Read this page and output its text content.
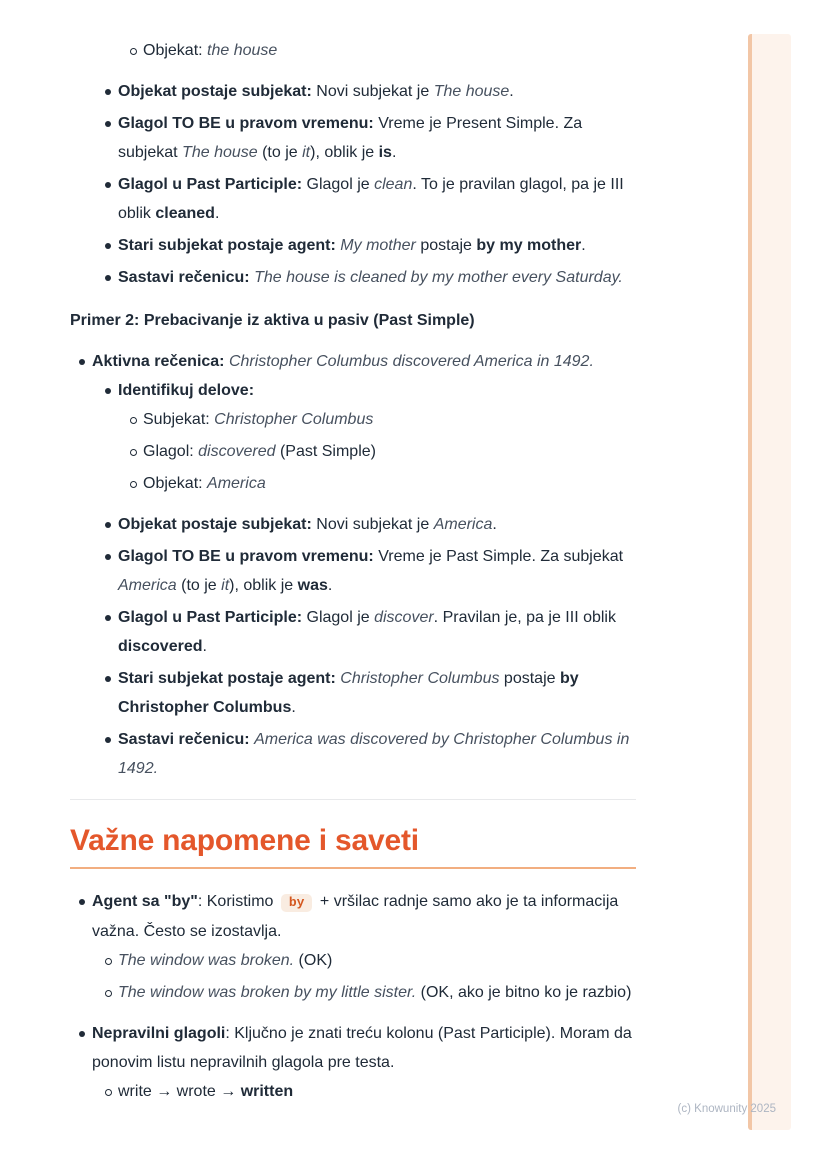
Objekat: the house
Objekat postaje subjekat: Novi subjekat je The house.
Glagol TO BE u pravom vremenu: Vreme je Present Simple. Za subjekat The house (to je it), oblik je is.
Glagol u Past Participle: Glagol je clean. To je pravilan glagol, pa je III oblik cleaned.
Stari subjekat postaje agent: My mother postaje by my mother.
Sastavi rečenicu: The house is cleaned by my mother every Saturday.
Primer 2: Prebacivanje iz aktiva u pasiv (Past Simple)
Aktivna rečenica: Christopher Columbus discovered America in 1492.
Identifikuj delove:
Subjekat: Christopher Columbus
Glagol: discovered (Past Simple)
Objekat: America
Objekat postaje subjekat: Novi subjekat je America.
Glagol TO BE u pravom vremenu: Vreme je Past Simple. Za subjekat America (to je it), oblik je was.
Glagol u Past Participle: Glagol je discover. Pravilan je, pa je III oblik discovered.
Stari subjekat postaje agent: Christopher Columbus postaje by Christopher Columbus.
Sastavi rečenicu: America was discovered by Christopher Columbus in 1492.
Važne napomene i saveti
Agent sa "by": Koristimo by + vršilac radnje samo ako je ta informacija važna. Često se izostavlja.
The window was broken. (OK)
The window was broken by my little sister. (OK, ako je bitno ko je razbio)
Nepravilni glagoli: Ključno je znati treću kolonu (Past Participle). Moram da ponovim listu nepravilnih glagola pre testa.
write → wrote → written
(c) Knowunity 2025
